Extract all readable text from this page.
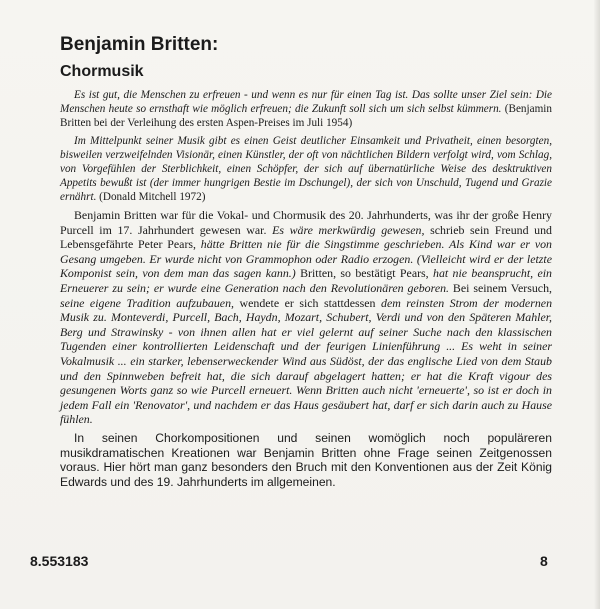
Benjamin Britten:
Chormusik

Es ist gut, die Menschen zu erfreuen - und wenn es nur für einen Tag ist. Das sollte unser Ziel sein: Die Menschen heute so ernsthaft wie möglich erfreuen; die Zukunft soll sich um sich selbst kümmern. (Benjamin Britten bei der Verleihung des ersten Aspen-Preises im Juli 1954)

Im Mittelpunkt seiner Musik gibt es einen Geist deutlicher Einsamkeit und Privatheit, einen besorgten, bisweilen verzweifelnden Visionär, einen Künstler, der oft von nächtlichen Bildern verfolgt wird, vom Schlag, von Vorgefühlen der Sterblichkeit, einen Schöpfer, der sich auf übernatürliche Weise des desktruktiven Appetits bewußt ist (der immer hungrigen Bestie im Dschungel), der sich von Unschuld, Tugend und Grazie ernährt. (Donald Mitchell 1972)

Benjamin Britten war für die Vokal- und Chormusik des 20. Jahrhunderts, was ihr der große Henry Purcell im 17. Jahrhundert gewesen war. Es wäre merkwürdig gewesen, schrieb sein Freund und Lebensgefährte Peter Pears, hätte Britten nie für die Singstimme geschrieben. Als Kind war er von Gesang umgeben. Er wurde nicht von Grammophon oder Radio erzogen. (Vielleicht wird er der letzte Komponist sein, von dem man das sagen kann.) Britten, so bestätigt Pears, hat nie beansprucht, ein Erneuerer zu sein; er wurde eine Generation nach den Revolutionären geboren. Bei seinem Versuch, seine eigene Tradition aufzubauen, wendete er sich stattdessen dem reinsten Strom der modernen Musik zu. Monteverdi, Purcell, Bach, Haydn, Mozart, Schubert, Verdi und von den Späteren Mahler, Berg und Strawinsky - von ihnen allen hat er viel gelernt auf seiner Suche nach den klassischen Tugenden einer kontrollierten Leidenschaft und der feurigen Linienführung ... Es weht in seiner Vokalmusik ... ein starker, lebenserweckender Wind aus Südöst, der das englische Lied von dem Staub und den Spinnweben befreit hat, die sich darauf abgelagert hatten; er hat die Kraft vigour des gesungenen Worts ganz so wie Purcell erneuert. Wenn Britten auch nicht 'erneuerte', so ist er doch in jedem Fall ein 'Renovator', und nachdem er das Haus gesäubert hat, darf er sich darin auch zu Hause fühlen.

In seinen Chorkompositionen und seinen womöglich noch populäreren musikdramatischen Kreationen war Benjamin Britten ohne Frage seinen Zeitgenossen voraus. Hier hört man ganz besonders den Bruch mit den Konventionen aus der Zeit König Edwards und des 19. Jahrhunderts im allgemeinen.

8.553183	8
